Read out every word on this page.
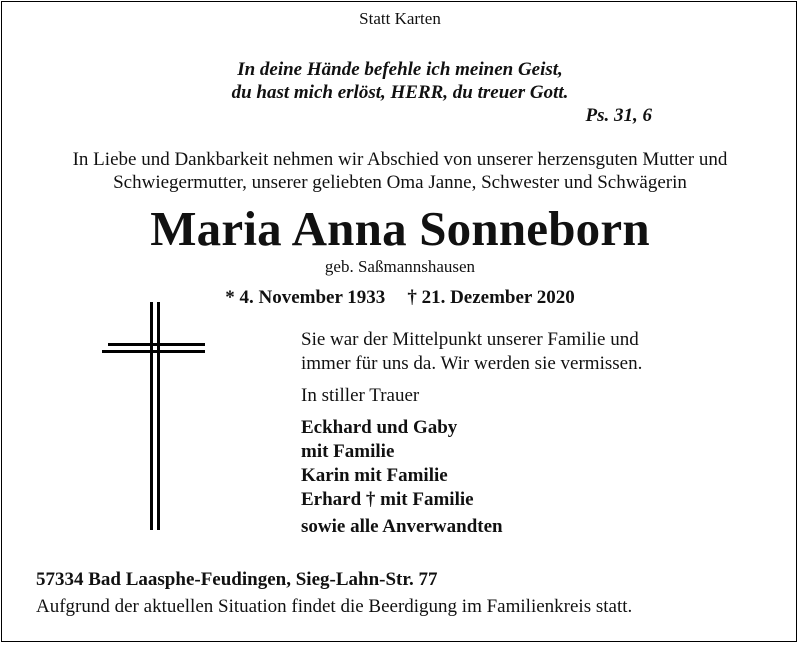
Statt Karten
In deine Hände befehle ich meinen Geist,
du hast mich erlöst, HERR, du treuer Gott.
Ps. 31, 6
In Liebe und Dankbarkeit nehmen wir Abschied von unserer herzensguten Mutter und
Schwiegermutter, unserer geliebten Oma Janne, Schwester und Schwägerin
Maria Anna Sonneborn
geb. Saßmannshausen
* 4. November 1933 † 21. Dezember 2020
Sie war der Mittelpunkt unserer Familie und
immer für uns da. Wir werden sie vermissen.
In stiller Trauer
Eckhard und Gaby
mit Familie
Karin mit Familie
Erhard † mit Familie
sowie alle Anverwandten
57334 Bad Laasphe-Feudingen, Sieg-Lahn-Str. 77
Aufgrund der aktuellen Situation findet die Beerdigung im Familienkreis statt.
